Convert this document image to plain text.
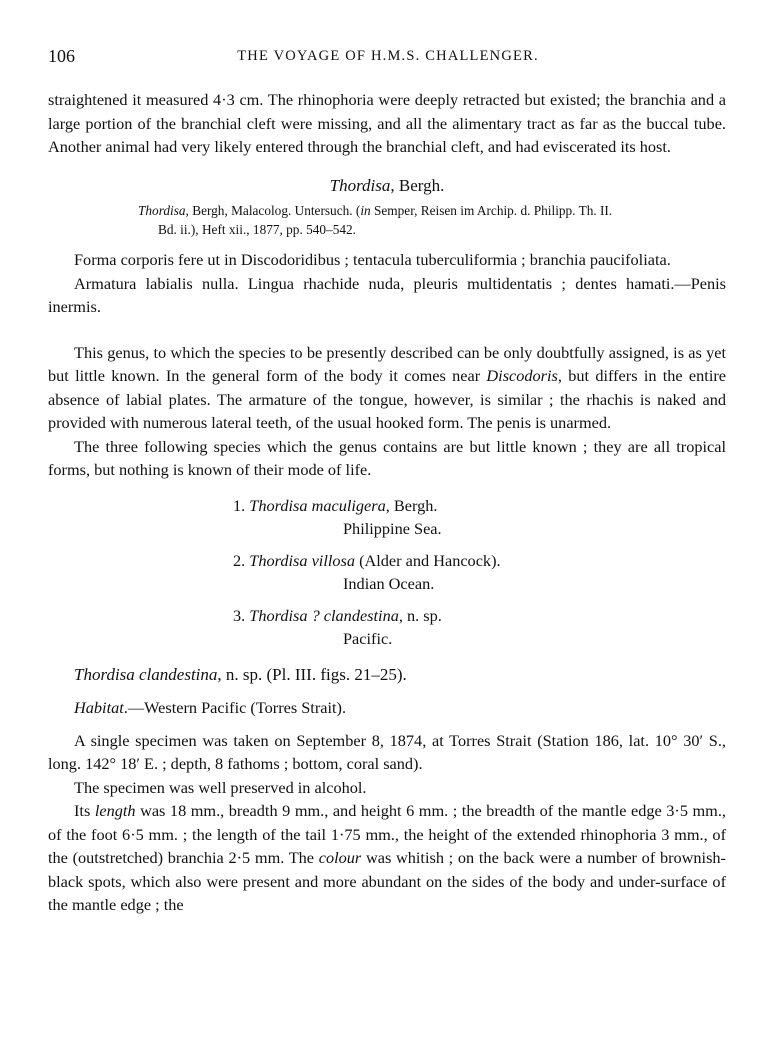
106	THE VOYAGE OF H.M.S. CHALLENGER.

straightened it measured 4·3 cm. The rhinophoria were deeply retracted but existed; the branchia and a large portion of the branchial cleft were missing, and all the alimentary tract as far as the buccal tube. Another animal had very likely entered through the branchial cleft, and had eviscerated its host.

Thordisa, Bergh.
Thordisa, Bergh, Malacolog. Untersuch. (in Semper, Reisen im Archip. d. Philipp. Th. II.
Bd. ii.), Heft xii., 1877, pp. 540–542.

Forma corporis fere ut in Discodoridibus ; tentacula tuberculiformia ; branchia paucifoliata.

Armatura labialis nulla. Lingua rhachide nuda, pleuris multidentatis ; dentes hamati.—Penis inermis.

This genus, to which the species to be presently described can be only doubtfully assigned, is as yet but little known. In the general form of the body it comes near Discodoris, but differs in the entire absence of labial plates. The armature of the tongue, however, is similar ; the rhachis is naked and provided with numerous lateral teeth, of the usual hooked form. The penis is unarmed.

The three following species which the genus contains are but little known ; they are all tropical forms, but nothing is known of their mode of life.

1. Thordisa maculigera, Bergh.
Philippine Sea.
2. Thordisa villosa (Alder and Hancock).
Indian Ocean.
3. Thordisa ? clandestina, n. sp.
Pacific.
Thordisa clandestina, n. sp. (Pl. III. figs. 21–25).
Habitat.—Western Pacific (Torres Strait).

A single specimen was taken on September 8, 1874, at Torres Strait (Station 186, lat. 10° 30′ S., long. 142° 18′ E. ; depth, 8 fathoms ; bottom, coral sand).

The specimen was well preserved in alcohol.

Its length was 18 mm., breadth 9 mm., and height 6 mm. ; the breadth of the mantle edge 3·5 mm., of the foot 6·5 mm. ; the length of the tail 1·75 mm., the height of the extended rhinophoria 3 mm., of the (outstretched) branchia 2·5 mm. The colour was whitish ; on the back were a number of brownish-black spots, which also were present and more abundant on the sides of the body and under-surface of the mantle edge ; the
